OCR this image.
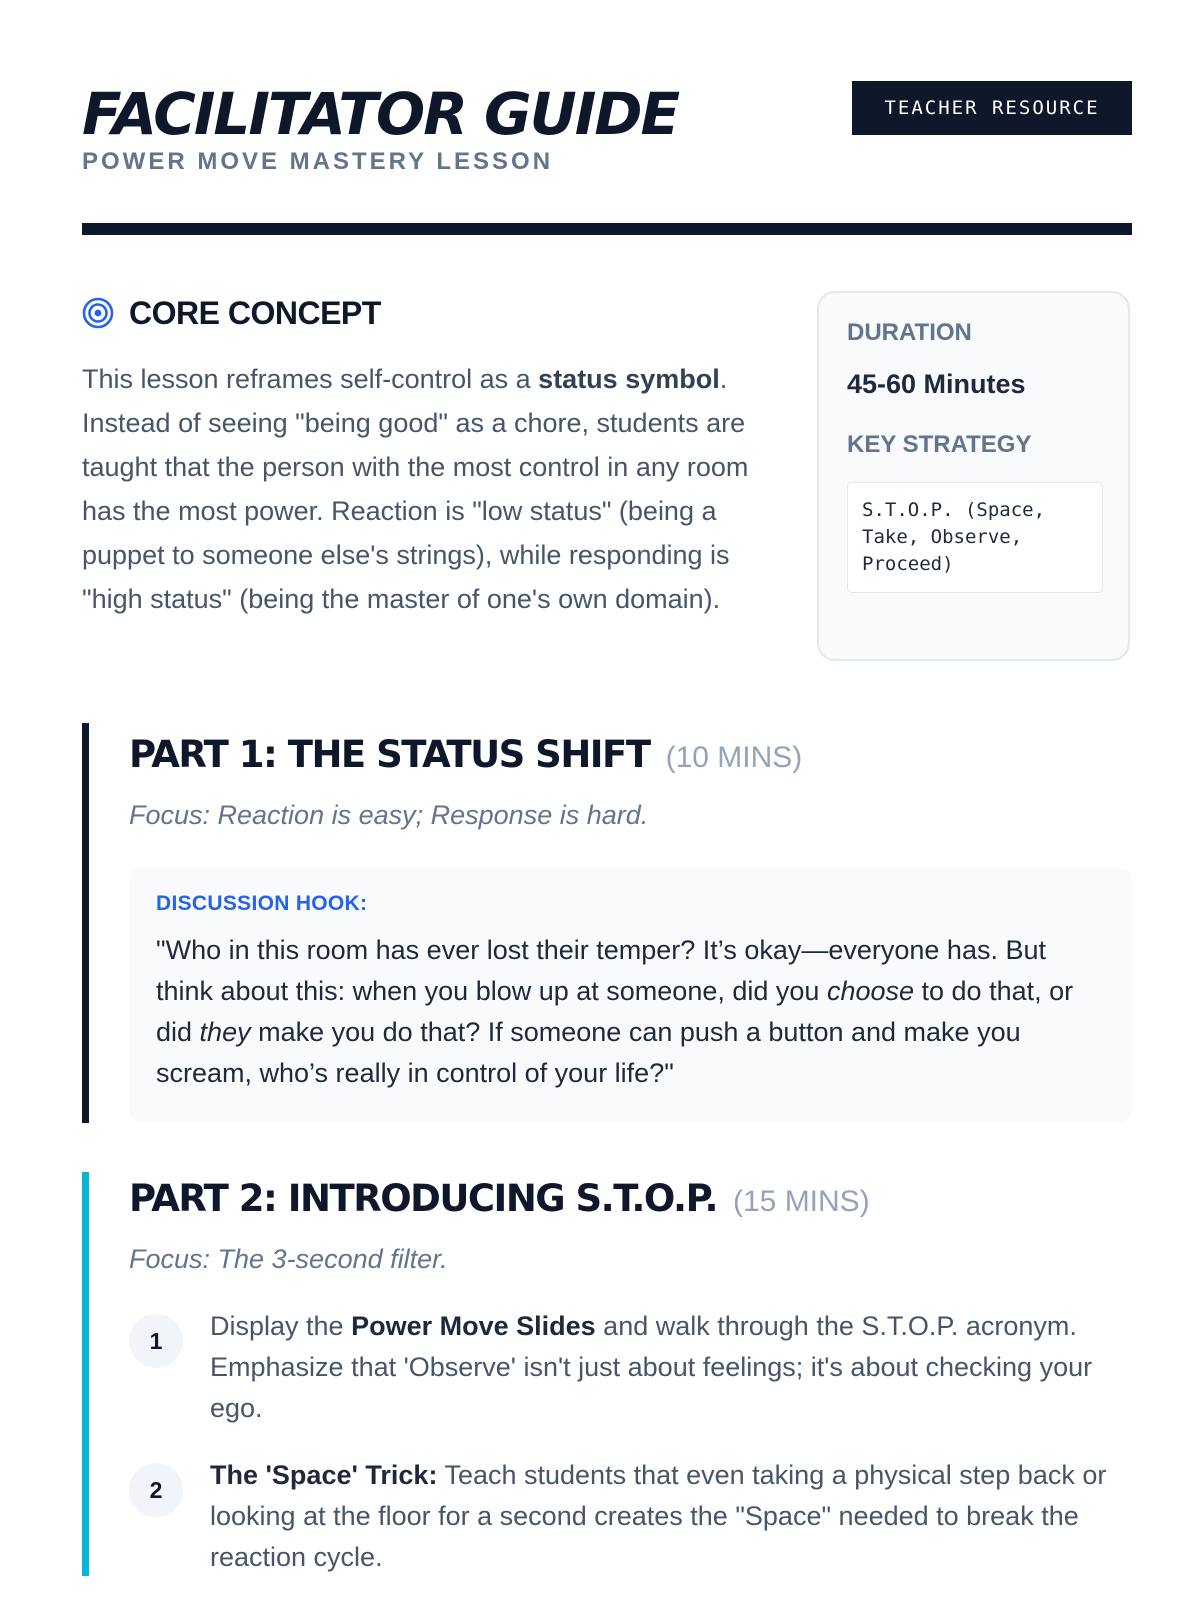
FACILITATOR GUIDE
POWER MOVE MASTERY LESSON
TEACHER RESOURCE
CORE CONCEPT

This lesson reframes self-control as a status symbol. Instead of seeing "being good" as a chore, students are taught that the person with the most control in any room has the most power. Reaction is "low status" (being a puppet to someone else's strings), while responding is "high status" (being the master of one's own domain).

DURATION
45-60 Minutes
KEY STRATEGY
S.T.O.P. (Space, Take, Observe, Proceed)
PART 1: THE STATUS SHIFT (10 MINS)
Focus: Reaction is easy; Response is hard.
DISCUSSION HOOK:

"Who in this room has ever lost their temper? It’s okay—everyone has. But think about this: when you blow up at someone, did you choose to do that, or did they make you do that? If someone can push a button and make you scream, who’s really in control of your life?"

PART 2: INTRODUCING S.T.O.P. (15 MINS)
Focus: The 3-second filter.
1	Display the Power Move Slides and walk through the S.T.O.P. acronym. Emphasize that 'Observe' isn't just about feelings; it's about checking your ego.

2	The 'Space' Trick: Teach students that even taking a physical step back or looking at the floor for a second creates the "Space" needed to break the reaction cycle.
